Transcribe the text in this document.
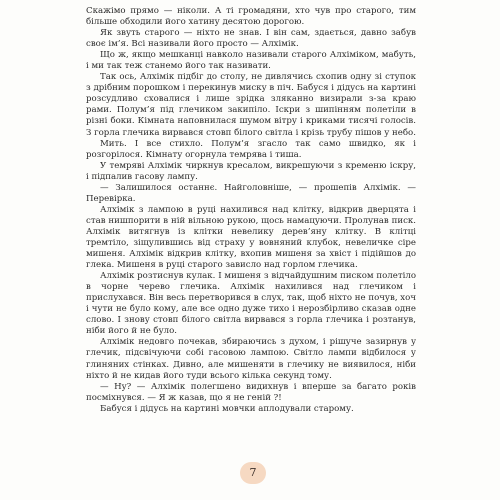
Скажімо прямо — ніколи. А ті громадяни, хто чув про старого, тим більше обходили його хатину десятою дорогою.

Як звуть старого — ніхто не знав. І він сам, здається, давно забув своє ім’я. Всі називали його просто — Алхімік.

Що ж, якщо мешканці навколо називали старого Алхіміком, мабуть, і ми так теж станемо його так називати.

Так ось, Алхімік підбіг до столу, не дивлячись схопив одну зі ступок з дрібним порошком і перекинув миску в піч. Бабуся і дідусь на картині розсудливо сховалися і лише зрідка зляканно визирали з-за краю рами. Полум’я під глечиком закипіло. Іскри з шипінням полетіли в різні боки. Кімната наповнилася шумом вітру і криками тисячі голосів. З горла глечика вирвався стовп білого світла і крізь трубу пішов у небо.

Мить. І все стихло. Полум’я згасло так само швидко, як і розгорілося. Кімнату огорнула темрява і тиша.

У темряві Алхімік чиркнув креcалом, викрешуючи з кременю іскру, і підпалив гасову лампу.

— Залишилося останнє. Найголовніше, — прошепів Алхімік. — Перевірка.

Алхімік з лампою в руці нахилився над клітку, відкрив дверцята і став нишпорити в ній вільною рукою, щось намацуючи. Пролунав писк. Алхімік витягнув із клітки невелику дерев’яну клітку. В клітці тремтіло, зіщулившись від страху у вовняний клубок, невеличке сіре мишеня. Алхімік відкрив клітку, вхопив мишеня за хвіст і підійшов до глека. Мишеня в руці старого зависло над горлом глечика.

Алхімік розтиснув кулак. І мишеня з відчайдушним писком полетіло в чорне черево глечика. Алхімік нахилився над глечиком і прислухався. Він весь перетворився в слух, так, щоб ніхто не почув, хоч і чути не було кому, але все одно дуже тихо і нерозбірливо сказав одне слово. І знову стовп білого світла вирвався з горла глечика і розтанув, ніби його й не було.

Алхімік недовго почекав, збираючись з духом, і рішуче зазирнув у глечик, підсвічуючи собі гасовою лампою. Світло лампи відбилося у глиняних стінках. Дивно, але мишеняти в глечику не виявилося, ніби ніхто й не кидав його туди всього кілька секунд тому.

— Ну? — Алхімік полегшено видихнув і вперше за багато років посміхнувся. — Я ж казав, що я не геній ?!

Бабуся і дідусь на картині мовчки аплодували старому.

7
